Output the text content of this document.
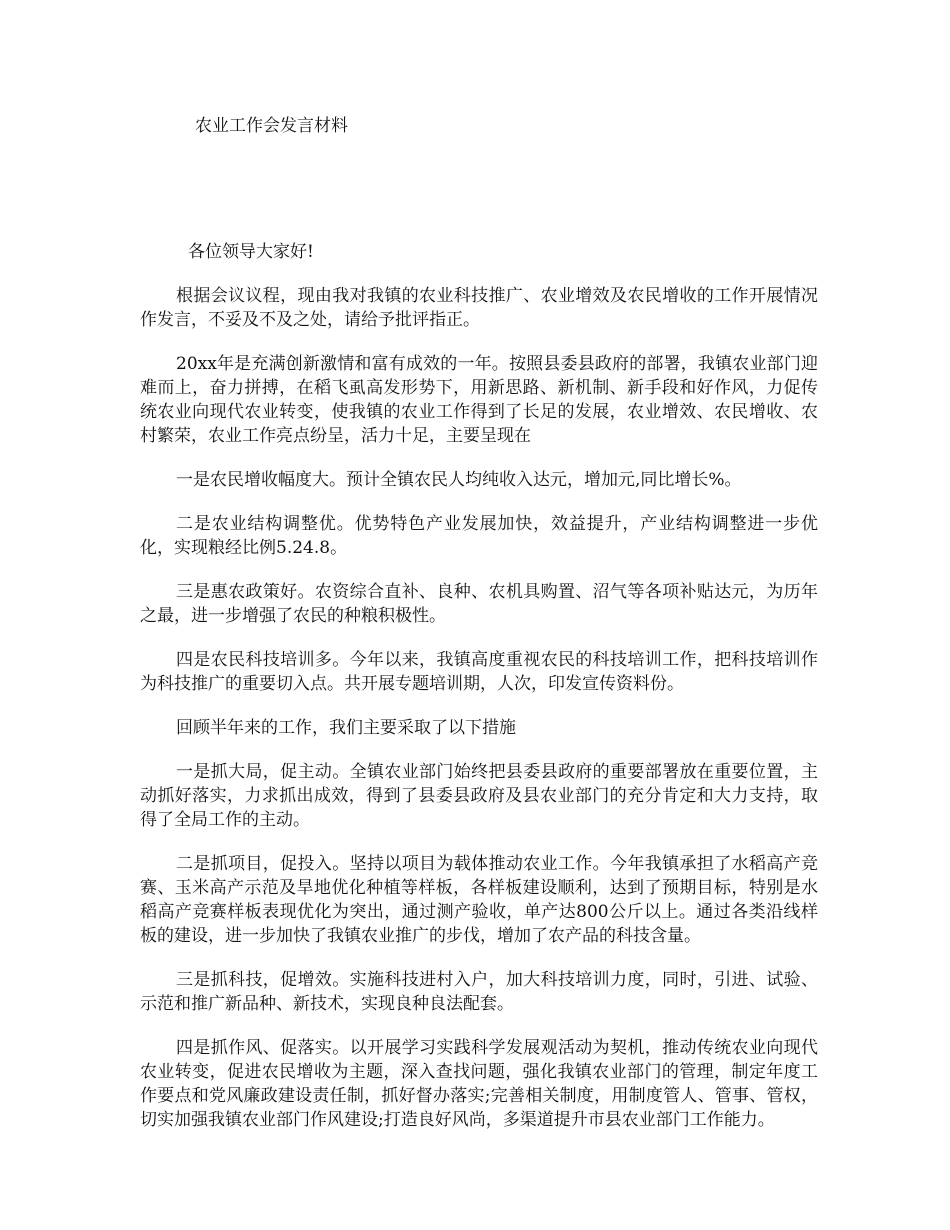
农业工作会发言材料

各位领导大家好!

根据会议议程，现由我对我镇的农业科技推广、农业增效及农民增收的工作开展情况作发言，不妥及不及之处，请给予批评指正。

20xx年是充满创新激情和富有成效的一年。按照县委县政府的部署，我镇农业部门迎难而上，奋力拼搏，在稻飞虱高发形势下，用新思路、新机制、新手段和好作风，力促传统农业向现代农业转变，使我镇的农业工作得到了长足的发展，农业增效、农民增收、农村繁荣，农业工作亮点纷呈，活力十足，主要呈现在

一是农民增收幅度大。预计全镇农民人均纯收入达元，增加元,同比增长%。

二是农业结构调整优。优势特色产业发展加快，效益提升，产业结构调整进一步优化，实现粮经比例5.24.8。

三是惠农政策好。农资综合直补、良种、农机具购置、沼气等各项补贴达元，为历年之最，进一步增强了农民的种粮积极性。

四是农民科技培训多。今年以来，我镇高度重视农民的科技培训工作，把科技培训作为科技推广的重要切入点。共开展专题培训期，人次，印发宣传资料份。

回顾半年来的工作，我们主要采取了以下措施

一是抓大局，促主动。全镇农业部门始终把县委县政府的重要部署放在重要位置，主动抓好落实，力求抓出成效，得到了县委县政府及县农业部门的充分肯定和大力支持，取得了全局工作的主动。

二是抓项目，促投入。坚持以项目为载体推动农业工作。今年我镇承担了水稻高产竞赛、玉米高产示范及旱地优化种植等样板，各样板建设顺利，达到了预期目标，特别是水稻高产竞赛样板表现优化为突出，通过测产验收，单产达800公斤以上。通过各类沿线样板的建设，进一步加快了我镇农业推广的步伐，增加了农产品的科技含量。

三是抓科技，促增效。实施科技进村入户，加大科技培训力度，同时，引进、试验、示范和推广新品种、新技术，实现良种良法配套。

四是抓作风、促落实。以开展学习实践科学发展观活动为契机，推动传统农业向现代农业转变，促进农民增收为主题，深入查找问题，强化我镇农业部门的管理，制定年度工作要点和党风廉政建设责任制，抓好督办落实;完善相关制度，用制度管人、管事、管权，切实加强我镇农业部门作风建设;打造良好风尚，多渠道提升市县农业部门工作能力。
